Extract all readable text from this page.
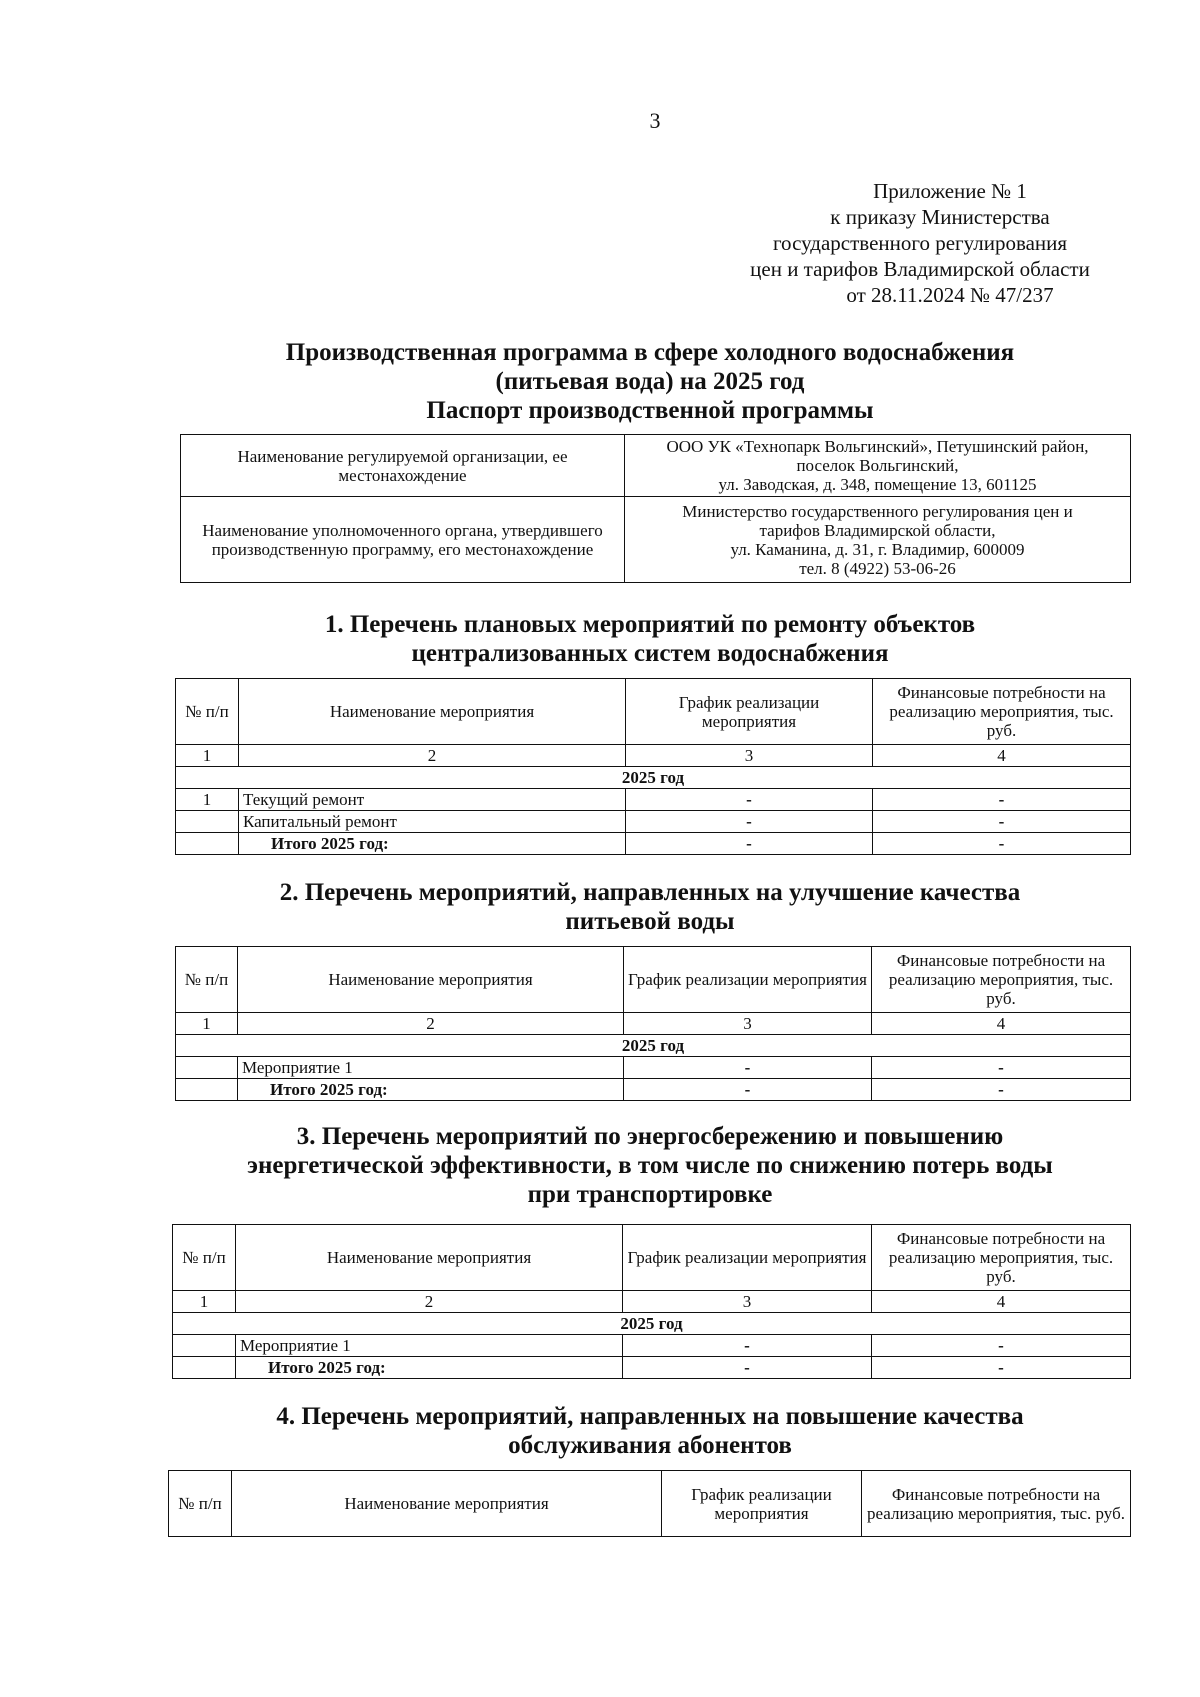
3
Приложение № 1
к приказу Министерства
государственного регулирования
цен и тарифов Владимирской области
от 28.11.2024 № 47/237
Производственная программа в сфере холодного водоснабжения
(питьевая вода) на 2025 год
Паспорт производственной программы
Наименование регулируемой организации, ее местонахождение	ООО УК «Технопарк Вольгинский», Петушинский район,
поселок Вольгинский,
ул. Заводская, д. 348, помещение 13, 601125

Наименование уполномоченного органа, утвердившего производственную программу, его местонахождение	Министерство государственного регулирования цен и
тарифов Владимирской области,
ул. Каманина, д. 31, г. Владимир, 600009
тел. 8 (4922) 53-06-26
1. Перечень плановых мероприятий по ремонту объектов
централизованных систем водоснабжения
№ п/п	Наименование мероприятия	График реализации мероприятия	Финансовые потребности на реализацию мероприятия, тыс. руб.
1	2	3	4
2025 год			
1	Текущий ремонт	-	-
	Капитальный ремонт	-	-
	Итого 2025 год:	-	-
2. Перечень мероприятий, направленных на улучшение качества
питьевой воды
№ п/п	Наименование мероприятия	График реализации мероприятия	Финансовые потребности на реализацию мероприятия, тыс. руб.
1	2	3	4
2025 год			
	Мероприятие 1	-	-
	Итого 2025 год:	-	-
3. Перечень мероприятий по энергосбережению и повышению
энергетической эффективности, в том числе по снижению потерь воды
при транспортировке
№ п/п	Наименование мероприятия	График реализации мероприятия	Финансовые потребности на реализацию мероприятия, тыс. руб.
1	2	3	4
2025 год			
	Мероприятие 1	-	-
	Итого 2025 год:	-	-
4. Перечень мероприятий, направленных на повышение качества
обслуживания абонентов
№ п/п	Наименование мероприятия	График реализации мероприятия	Финансовые потребности на реализацию мероприятия, тыс. руб.
